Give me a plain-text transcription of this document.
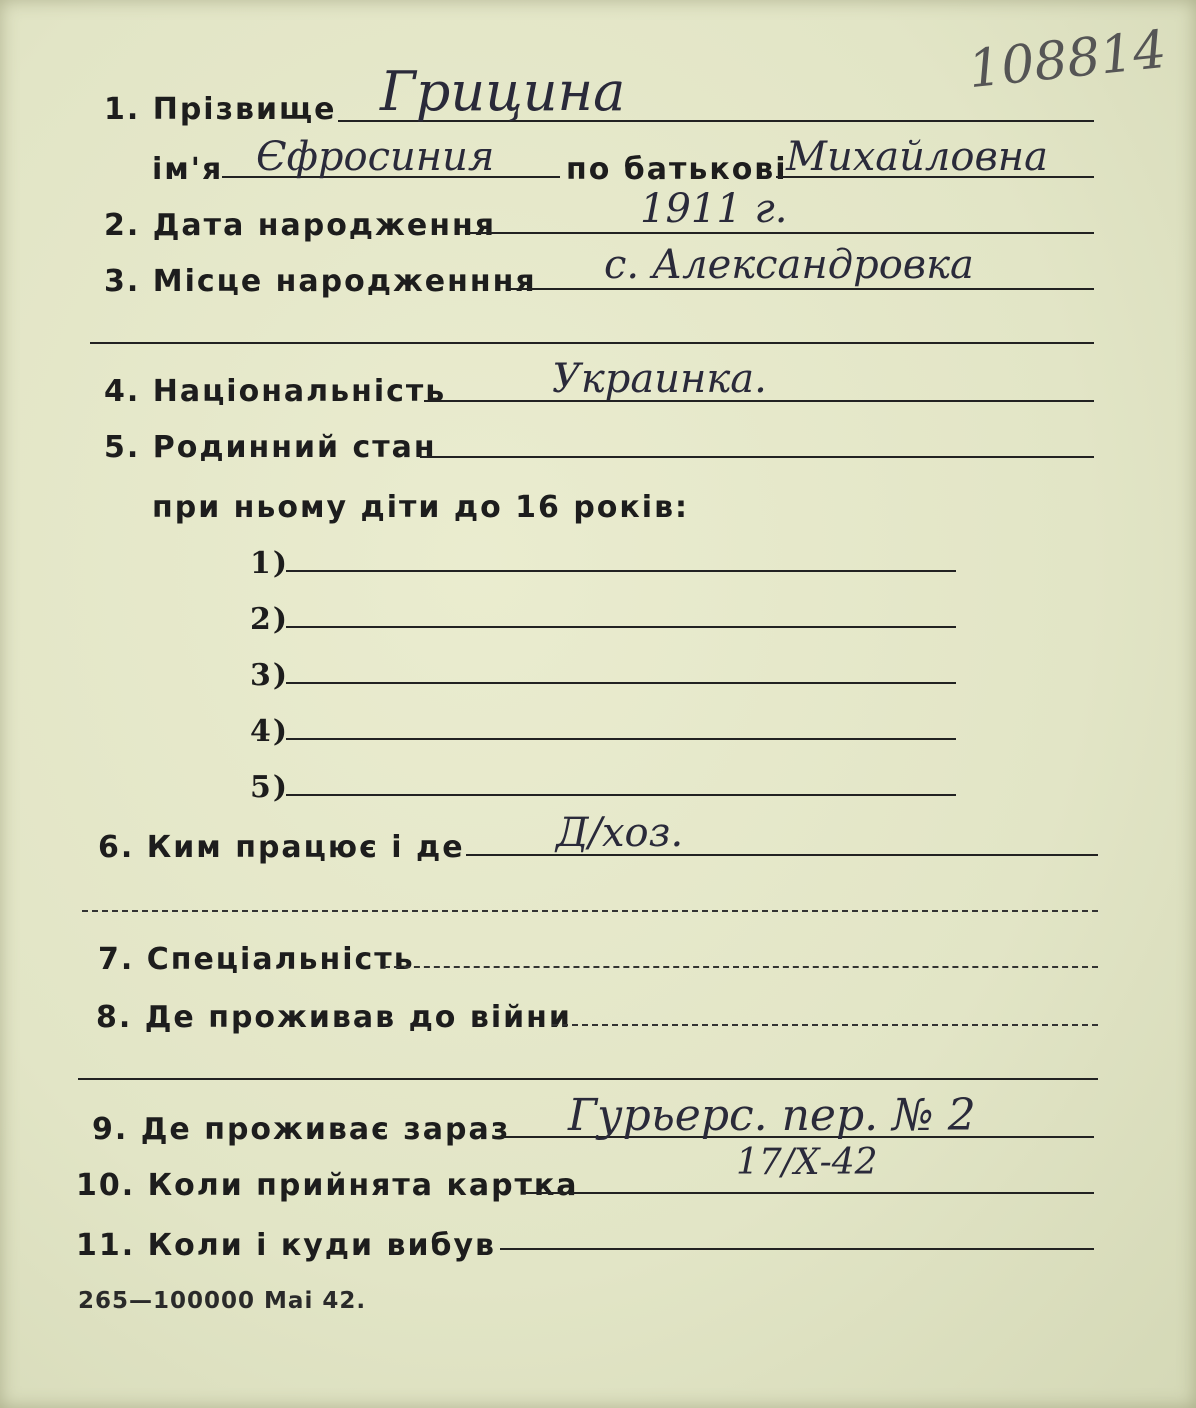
108814
1. Прізвище Грицина
ім'я Єфросиния по батькові
Михайловна
2. Дата народження	1911 г.
3. Місце народженння с. Александровка
4. Національність	Украинка.
5. Родинний стан
при ньому діти до 16 років:
1)
2)
3)
4)
5)
6. Ким працює і де Д/хоз.
7. Спеціальність
8. Де проживав до війни
9. Де проживає зараз Гурьерс. пер. № 2
10. Коли прийнята картка
17/Х-42
11. Коли і куди вибув
265—100000 Mai 42.
